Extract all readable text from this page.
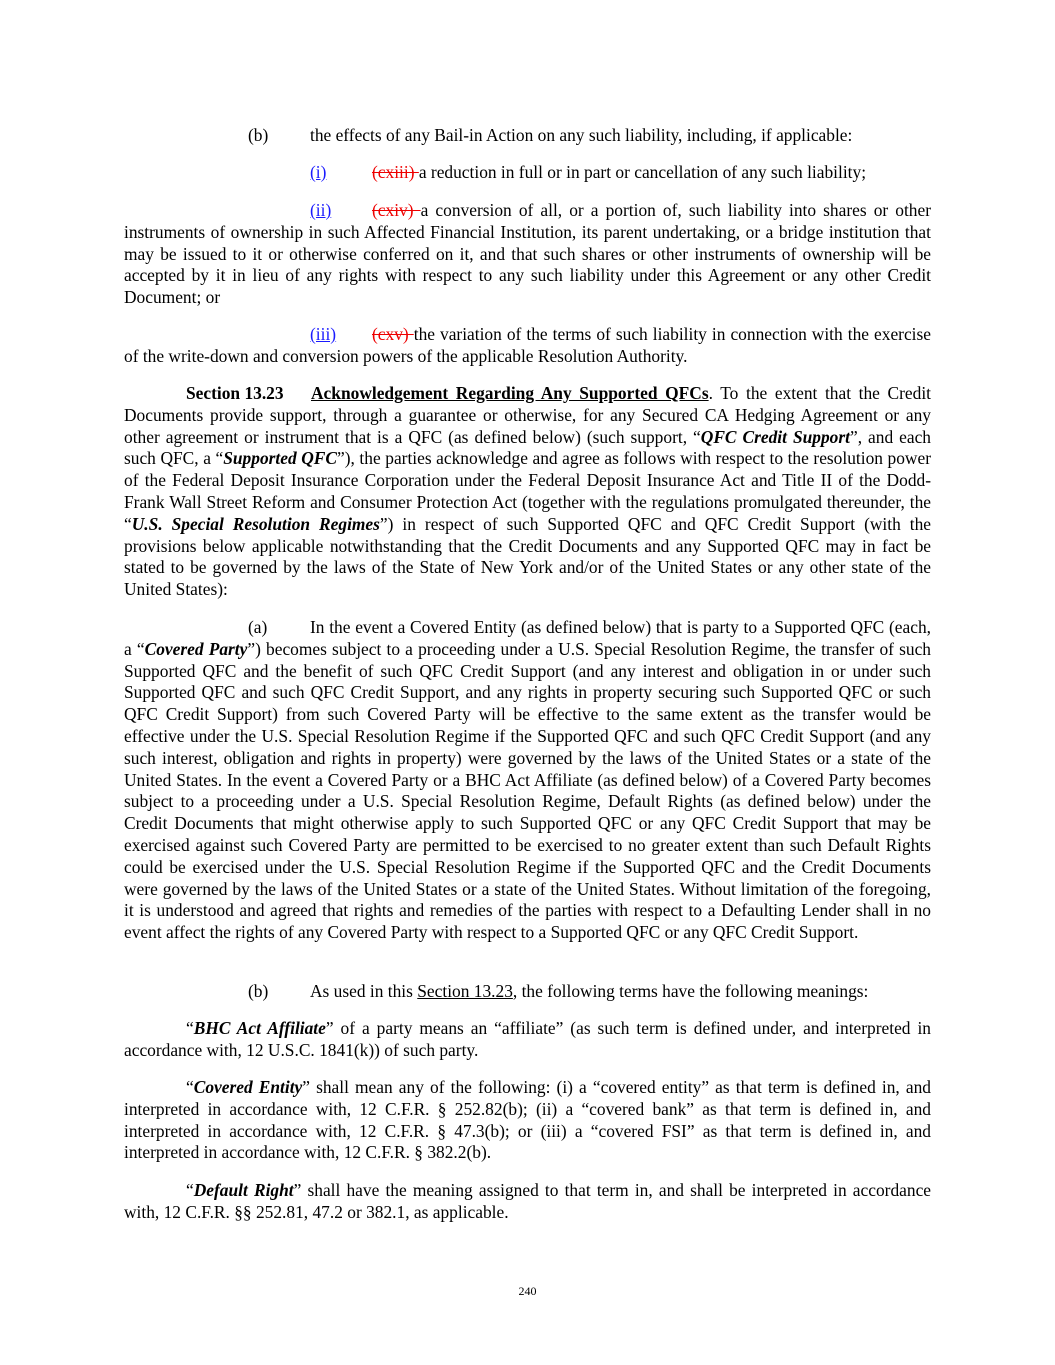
(b) the effects of any Bail-in Action on any such liability, including, if applicable:

(i)	(cxiii) a reduction in full or in part or cancellation of any such liability;

(ii) (cxiv) a conversion of all, or a portion of, such liability into shares or other instruments of ownership in such Affected Financial Institution, its parent undertaking, or a bridge institution that may be issued to it or otherwise conferred on it, and that such shares or other instruments of ownership will be accepted by it in lieu of any rights with respect to any such liability under this Agreement or any other Credit Document; or

(iii) (cxv) the variation of the terms of such liability in connection with the exercise of the write-down and conversion powers of the applicable Resolution Authority.

Section 13.23 Acknowledgement Regarding Any Supported QFCs. To the extent that the Credit Documents provide support, through a guarantee or otherwise, for any Secured CA Hedging Agreement or any other agreement or instrument that is a QFC (as defined below) (such support, “QFC Credit Support”, and each such QFC, a “Supported QFC”), the parties acknowledge and agree as follows with respect to the resolution power of the Federal Deposit Insurance Corporation under the Federal Deposit Insurance Act and Title II of the Dodd-Frank Wall Street Reform and Consumer Protection Act (together with the regulations promulgated thereunder, the “U.S. Special Resolution Regimes”) in respect of such Supported QFC and QFC Credit Support (with the provisions below applicable notwithstanding that the Credit Documents and any Supported QFC may in fact be stated to be governed by the laws of the State of New York and/or of the United States or any other state of the United States):

(a) In the event a Covered Entity (as defined below) that is party to a Supported QFC (each, a “Covered Party”) becomes subject to a proceeding under a U.S. Special Resolution Regime, the transfer of such Supported QFC and the benefit of such QFC Credit Support (and any interest and obligation in or under such Supported QFC and such QFC Credit Support, and any rights in property securing such Supported QFC or such QFC Credit Support) from such Covered Party will be effective to the same extent as the transfer would be effective under the U.S. Special Resolution Regime if the Supported QFC and such QFC Credit Support (and any such interest, obligation and rights in property) were governed by the laws of the United States or a state of the United States. In the event a Covered Party or a BHC Act Affiliate (as defined below) of a Covered Party becomes subject to a proceeding under a U.S. Special Resolution Regime, Default Rights (as defined below) under the Credit Documents that might otherwise apply to such Supported QFC or any QFC Credit Support that may be exercised against such Covered Party are permitted to be exercised to no greater extent than such Default Rights could be exercised under the U.S. Special Resolution Regime if the Supported QFC and the Credit Documents were governed by the laws of the United States or a state of the United States. Without limitation of the foregoing, it is understood and agreed that rights and remedies of the parties with respect to a Defaulting Lender shall in no event affect the rights of any Covered Party with respect to a Supported QFC or any QFC Credit Support.

(b) As used in this Section 13.23, the following terms have the following meanings:

“BHC Act Affiliate” of a party means an “affiliate” (as such term is defined under, and interpreted in accordance with, 12 U.S.C. 1841(k)) of such party.

“Covered Entity” shall mean any of the following: (i) a “covered entity” as that term is defined in, and interpreted in accordance with, 12 C.F.R. § 252.82(b); (ii) a “covered bank” as that term is defined in, and interpreted in accordance with, 12 C.F.R. § 47.3(b); or (iii) a “covered FSI” as that term is defined in, and interpreted in accordance with, 12 C.F.R. § 382.2(b).

“Default Right” shall have the meaning assigned to that term in, and shall be interpreted in accordance with, 12 C.F.R. §§ 252.81, 47.2 or 382.1, as applicable.

240
